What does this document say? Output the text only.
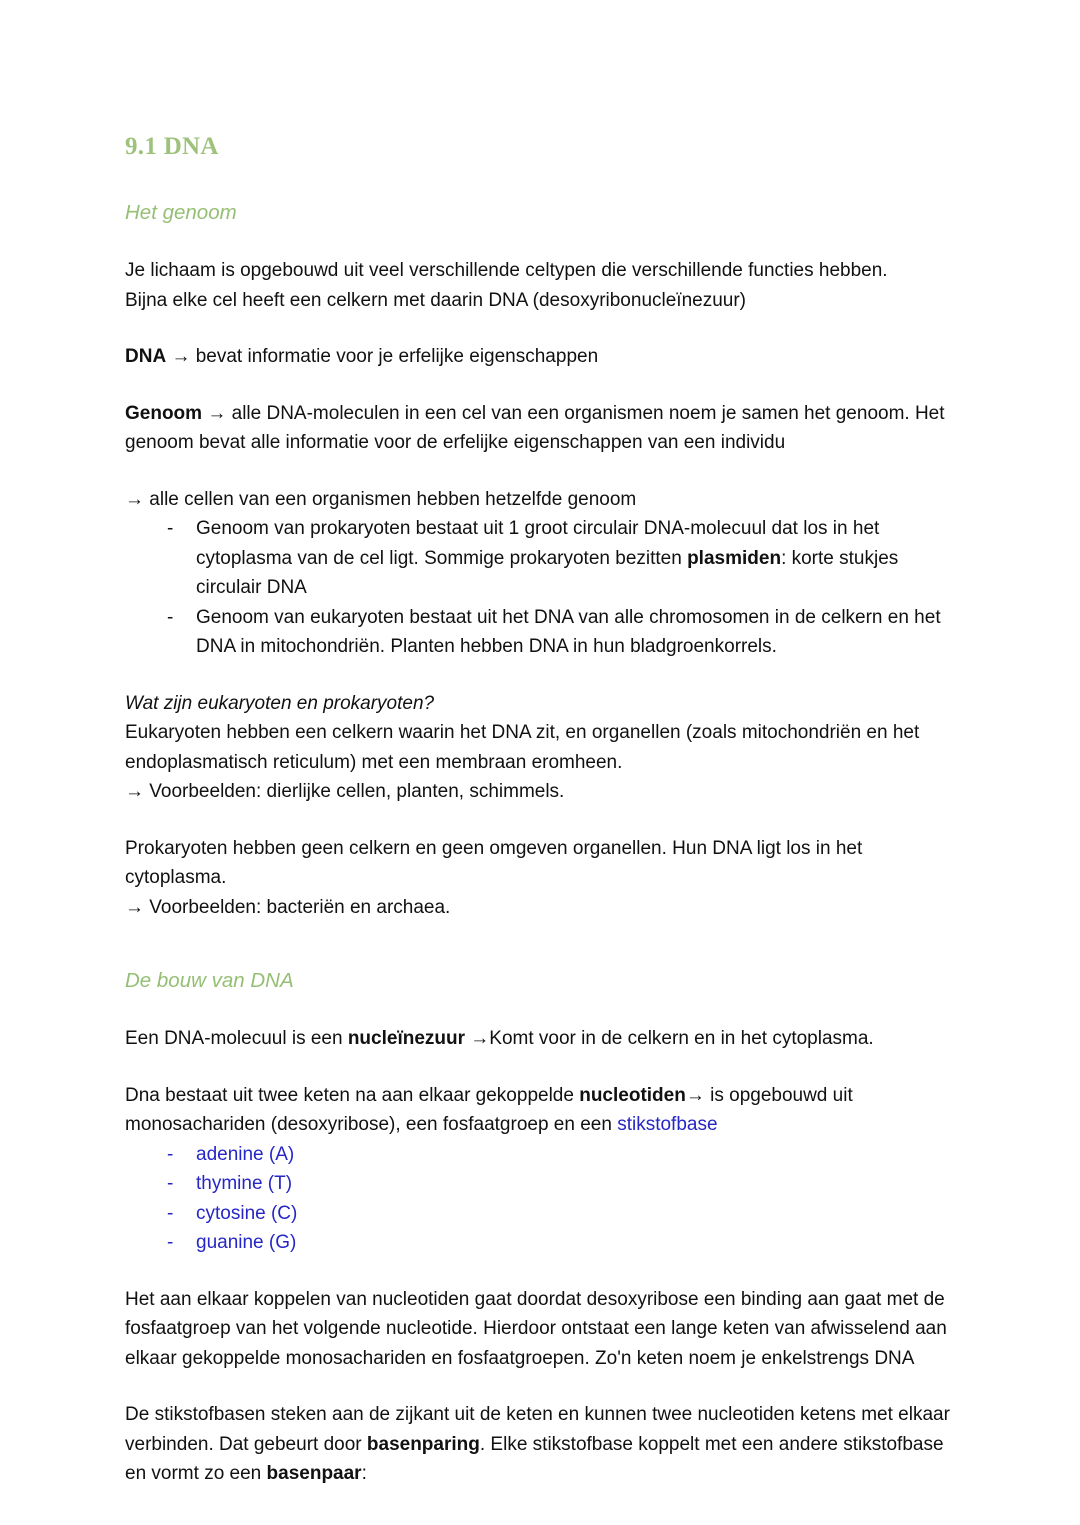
9.1 DNA
Het genoom

Je lichaam is opgebouwd uit veel verschillende celtypen die verschillende functies hebben.
Bijna elke cel heeft een celkern met daarin DNA (desoxyribonucleïnezuur)

DNA → bevat informatie voor je erfelijke eigenschappen

Genoom → alle DNA-moleculen in een cel van een organismen noem je samen het genoom. Het genoom bevat alle informatie voor de erfelijke eigenschappen van een individu

→ alle cellen van een organismen hebben hetzelfde genoom

- Genoom van prokaryoten bestaat uit 1 groot circulair DNA-molecuul dat los in het cytoplasma van de cel ligt. Sommige prokaryoten bezitten plasmiden: korte stukjes circulair DNA
- Genoom van eukaryoten bestaat uit het DNA van alle chromosomen in de celkern en het DNA in mitochondriën. Planten hebben DNA in hun bladgroenkorrels.

Wat zijn eukaryoten en prokaryoten?

Eukaryoten hebben een celkern waarin het DNA zit, en organellen (zoals mitochondriën en het endoplasmatisch reticulum) met een membraan eromheen.

→ Voorbeelden: dierlijke cellen, planten, schimmels.

Prokaryoten hebben geen celkern en geen omgeven organellen. Hun DNA ligt los in het cytoplasma.

→ Voorbeelden: bacteriën en archaea.

De bouw van DNA

Een DNA-molecuul is een nucleïnezuur →Komt voor in de celkern en in het cytoplasma.

Dna bestaat uit twee keten na aan elkaar gekoppelde nucleotiden→ is opgebouwd uit monosachariden (desoxyribose), een fosfaatgroep en een stikstofbase

- adenine (A)
- thymine (T)
- cytosine (C)
- guanine (G)

Het aan elkaar koppelen van nucleotiden gaat doordat desoxyribose een binding aan gaat met de fosfaatgroep van het volgende nucleotide. Hierdoor ontstaat een lange keten van afwisselend aan elkaar gekoppelde monosachariden en fosfaatgroepen. Zo'n keten noem je enkelstrengs DNA

De stikstofbasen steken aan de zijkant uit de keten en kunnen twee nucleotiden ketens met elkaar verbinden. Dat gebeurt door basenparing. Elke stikstofbase koppelt met een andere stikstofbase en vormt zo een basenpaar:
